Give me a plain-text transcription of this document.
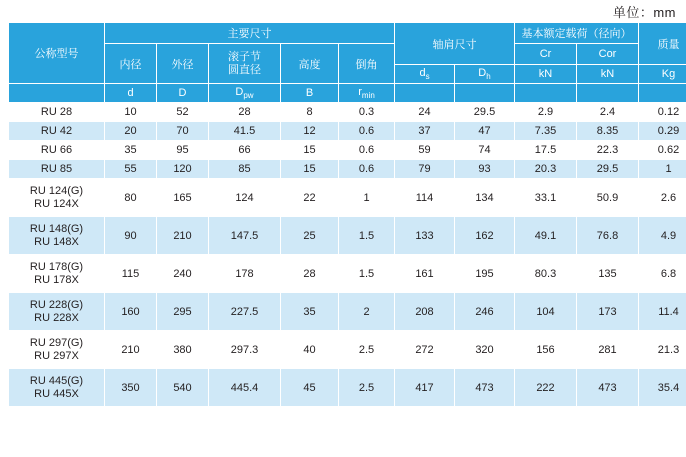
单位：mm
公称型号	主要尺寸					轴肩尺寸		基本额定载荷（径向）		质量
	内径	外径	滚子节
圆直径	高度	倒角			Cr	Cor	
						$d_s$	$D_h$	kN	kN	Kg
	d	D	$D_{pw}$	B	$r_{min}$					

RU 28	10	52	28	8	0.3	24	29.5	2.9	2.4	0.12

RU 42	20	70	41.5	12	0.6	37	47	7.35	8.35	0.29

RU 66	35	95	66	15	0.6	59	74	17.5	22.3	0.62

RU 85	55	120	85	15	0.6	79	93	20.3	29.5	1

RU 124(G)
RU 124X	80	165	124	22	1	114	134	33.1	50.9	2.6

RU 148(G)
RU 148X	90	210	147.5	25	1.5	133	162	49.1	76.8	4.9

RU 178(G)
RU 178X	115	240	178	28	1.5	161	195	80.3	135	6.8

RU 228(G)
RU 228X	160	295	227.5	35	2	208	246	104	173	11.4

RU 297(G)
RU 297X	210	380	297.3	40	2.5	272	320	156	281	21.3

RU 445(G)
RU 445X	350	540	445.4	45	2.5	417	473	222	473	35.4
